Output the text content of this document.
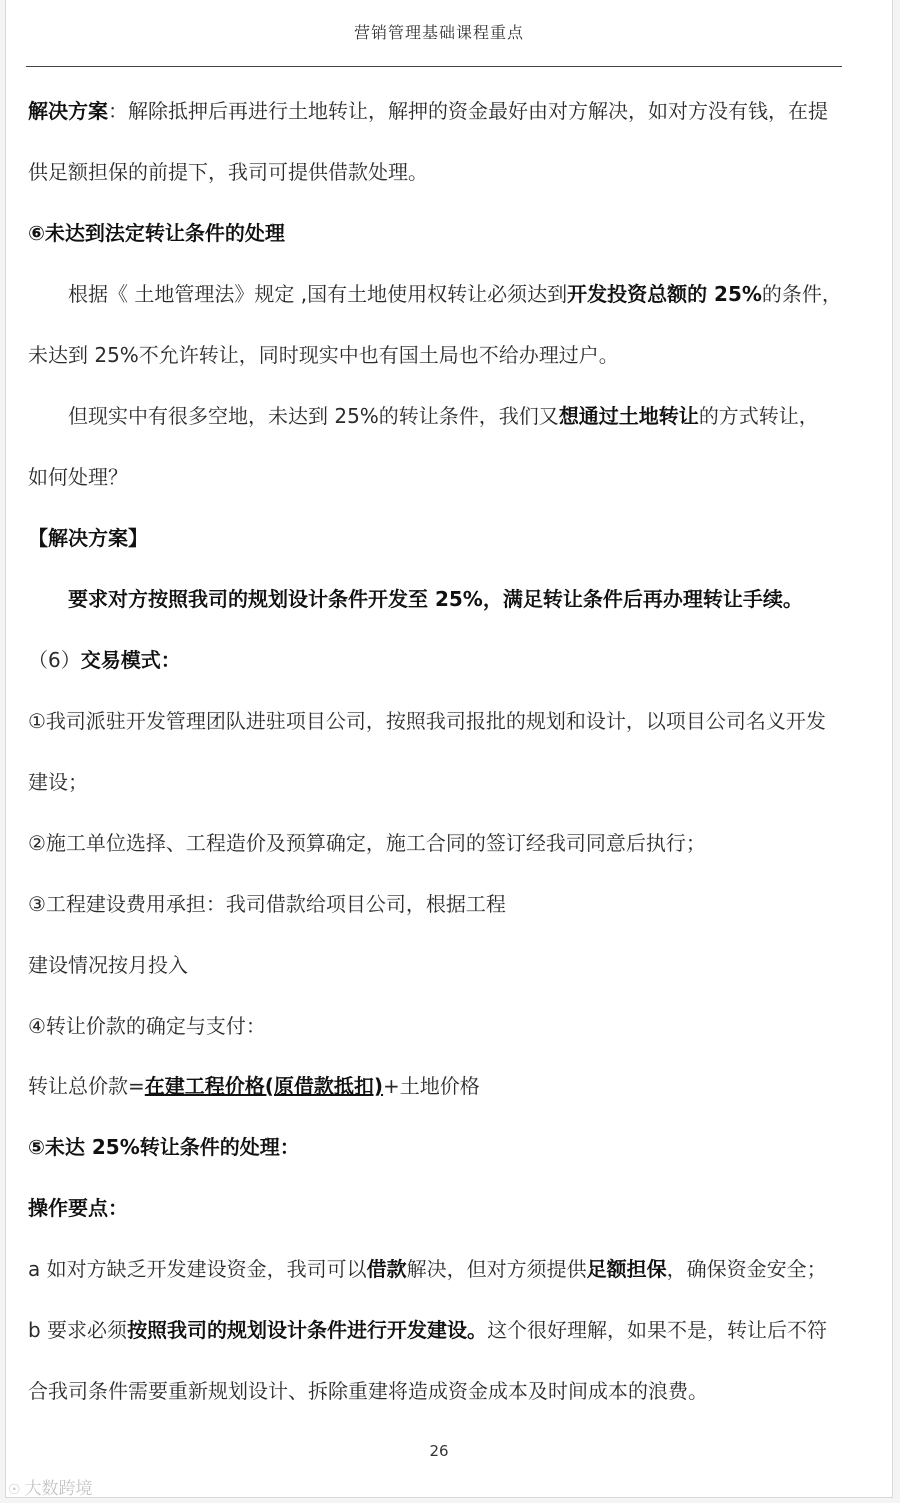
营销管理基础课程重点
解决方案：解除抵押后再进行土地转让，解押的资金最好由对方解决，如对方没有钱，在提
供足额担保的前提下，我司可提供借款处理。
⑥未达到法定转让条件的处理
根据《 土地管理法》规定 ,国有土地使用权转让必须达到开发投资总额的 25%的条件，
未达到 25%不允许转让，同时现实中也有国土局也不给办理过户。
但现实中有很多空地，未达到 25%的转让条件，我们又想通过土地转让的方式转让，
如何处理？
【解决方案】
要求对方按照我司的规划设计条件开发至 25%，满足转让条件后再办理转让手续。
（6）交易模式：
①我司派驻开发管理团队进驻项目公司，按照我司报批的规划和设计，以项目公司名义开发
建设；
②施工单位选择、工程造价及预算确定，施工合同的签订经我司同意后执行；
③工程建设费用承担：我司借款给项目公司，根据工程
建设情况按月投入
④转让价款的确定与支付：
转让总价款=在建工程价格(原借款抵扣)+土地价格
⑤未达 25%转让条件的处理：
操作要点：
a 如对方缺乏开发建设资金，我司可以借款解决，但对方须提供足额担保，确保资金安全；
b 要求必须按照我司的规划设计条件进行开发建设。这个很好理解，如果不是，转让后不符
合我司条件需要重新规划设计、拆除重建将造成资金成本及时间成本的浪费。
26
☉ 大数跨境
